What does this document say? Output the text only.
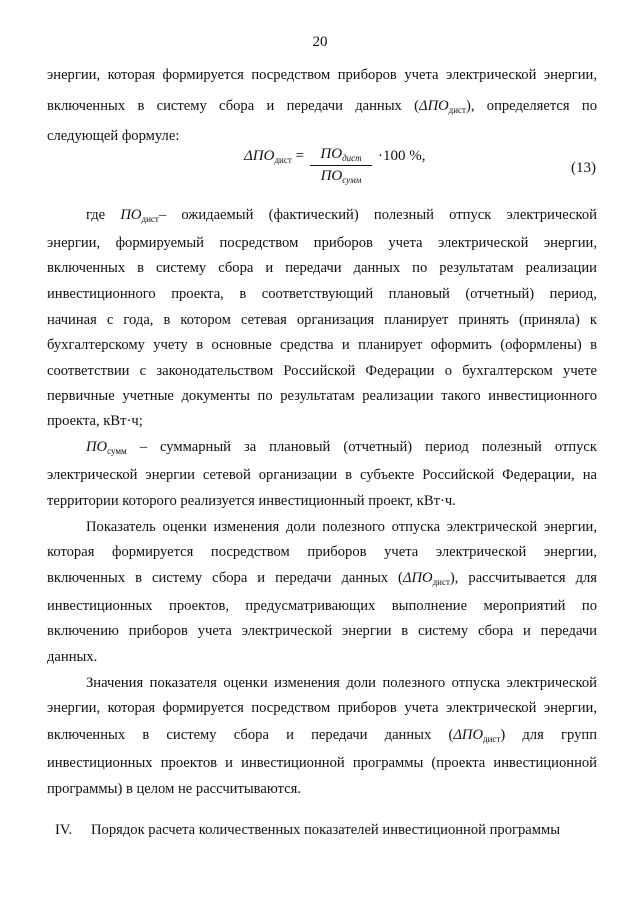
20
энергии, которая формируется посредством приборов учета электрической энергии,
включенных в систему сбора и передачи данных $(\Delta ПО_{дист})$, определяется по
следующей формуле:
$\Delta ПО_{дист}$ =	$ПО_{дист}$
$ПО_{сумм}$
·100 %,
(13)
где $ПО_{дист}-$ ожидаемый (фактический) полезный отпуск электрической
энергии, формируемый посредством приборов учета электрической энергии,
включенных в систему сбора и передачи данных по результатам реализации
инвестиционного проекта, в соответствующий плановый (отчетный) период,
начиная с года, в котором сетевая организация планирует принять (приняла) к
бухгалтерскому учету в основные средства и планирует оформить (оформлены) в
соответствии с законодательством Российской Федерации о бухгалтерском учете
первичные учетные документы по результатам реализации такого инвестиционного
проекта, кВт·ч;
$ПО_{сумм}$ – суммарный за плановый (отчетный) период полезный отпуск
электрической энергии сетевой организации в субъекте Российской Федерации, на
территории которого реализуется инвестиционный проект, кВт·ч.
Показатель оценки изменения доли полезного отпуска электрической энергии,
которая формируется посредством приборов учета электрической энергии,
включенных в систему сбора и передачи данных $(\Delta ПО_{дист})$, рассчитывается для
инвестиционных проектов, предусматривающих выполнение мероприятий по
включению приборов учета электрической энергии в систему сбора и передачи
данных.
Значения показателя оценки изменения доли полезного отпуска электрической
энергии, которая формируется посредством приборов учета электрической энергии,
включенных в систему сбора и передачи данных $(\Delta ПО_{дист})$ для групп
инвестиционных проектов и инвестиционной программы (проекта инвестиционной
программы) в целом не рассчитываются.
IV. Порядок расчета количественных показателей инвестиционной программы
